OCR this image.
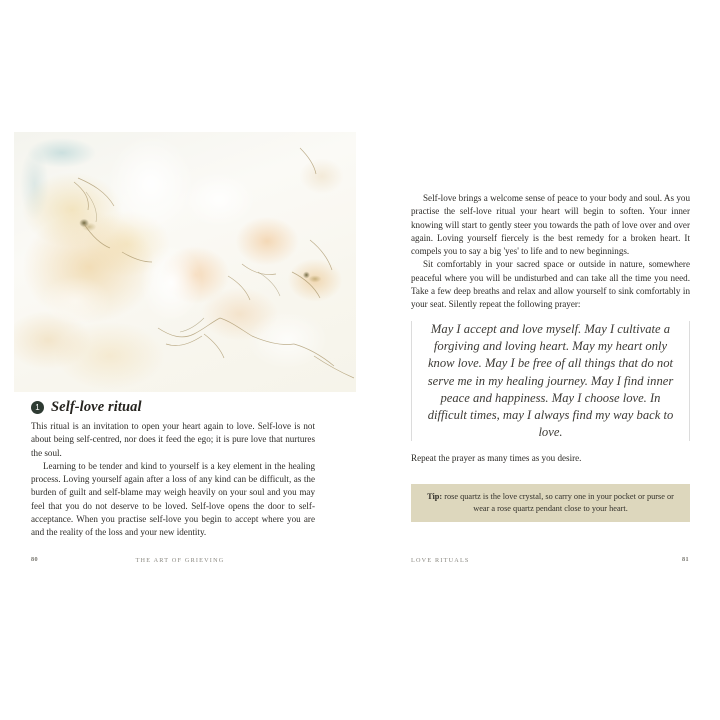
1 Self-love ritual

This ritual is an invitation to open your heart again to love. Self-love is not about being self-centred, nor does it feed the ego; it is pure love that nurtures the soul.

Learning to be tender and kind to yourself is a key element in the healing process. Loving yourself again after a loss of any kind can be difficult, as the burden of guilt and self-blame may weigh heavily on your soul and you may feel that you do not deserve to be loved. Self-love opens the door to self-acceptance. When you practise self-love you begin to accept where you are and the reality of the loss and your new identity.

80	THE ART OF GRIEVING

Self-love brings a welcome sense of peace to your body and soul. As you practise the self-love ritual your heart will begin to soften. Your inner knowing will start to gently steer you towards the path of love over and over again. Loving yourself fiercely is the best remedy for a broken heart. It compels you to say a big 'yes' to life and to new beginnings.

Sit comfortably in your sacred space or outside in nature, somewhere peaceful where you will be undisturbed and can take all the time you need. Take a few deep breaths and relax and allow yourself to sink comfortably in your seat. Silently repeat the following prayer:

May I accept and love myself. May I cultivate a forgiving and loving heart. May my heart only know love. May I be free of all things that do not serve me in my healing journey. May I find inner peace and happiness. May I choose love. In difficult times, may I always find my way back to love.

Repeat the prayer as many times as you desire.

Tip: rose quartz is the love crystal, so carry one in your pocket or purse or wear a rose quartz pendant close to your heart.

LOVE RITUALS	81
